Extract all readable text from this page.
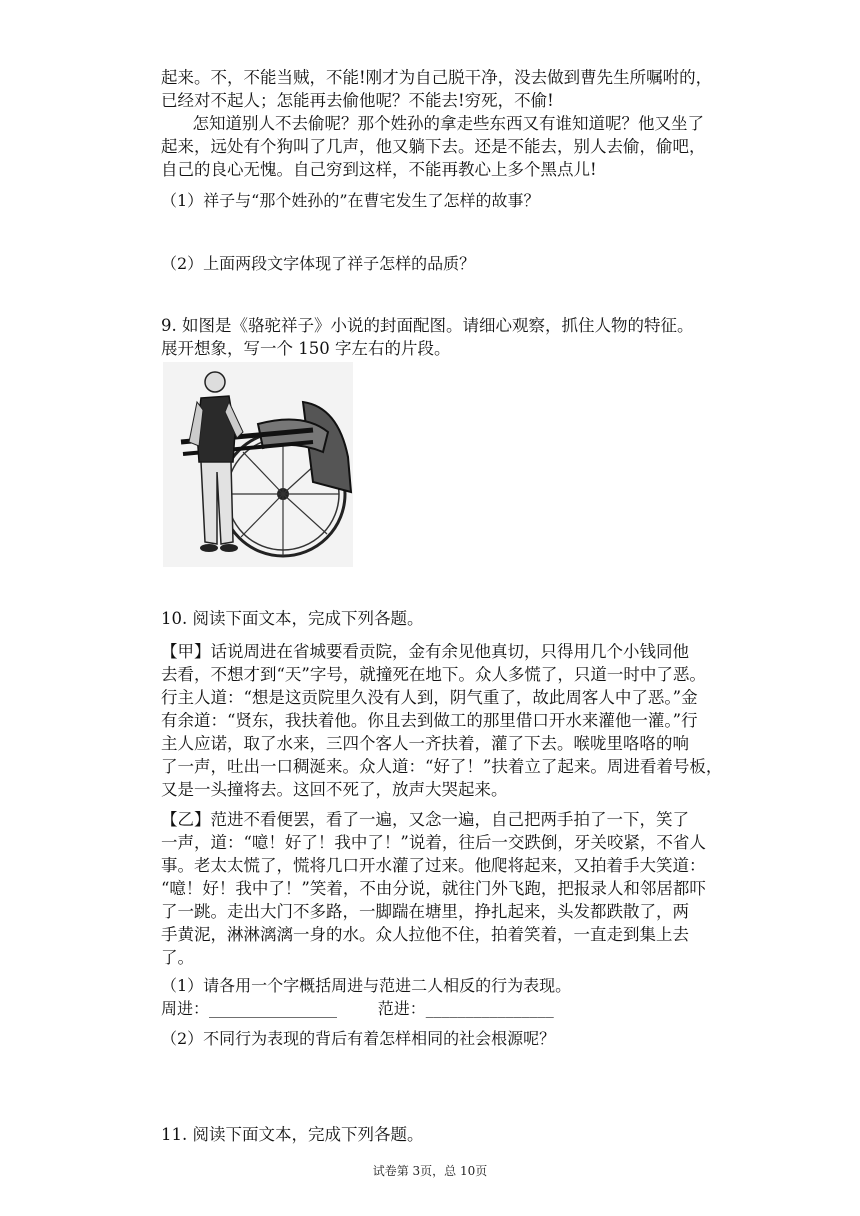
起来。不，不能当贼，不能!刚才为自己脱干净，没去做到曹先生所嘱咐的，
已经对不起人；怎能再去偷他呢？不能去!穷死，不偷!
怎知道别人不去偷呢？那个姓孙的拿走些东西又有谁知道呢？他又坐了
起来，远处有个狗叫了几声，他又躺下去。还是不能去，别人去偷，偷吧，
自己的良心无愧。自己穷到这样，不能再教心上多个黑点儿!
（1）祥子与“那个姓孙的”在曹宅发生了怎样的故事？
（2）上面两段文字体现了祥子怎样的品质？
9. 如图是《骆驼祥子》小说的封面配图。请细心观察，抓住人物的特征。
展开想象，写一个 150 字左右的片段。
10. 阅读下面文本，完成下列各题。
【甲】话说周进在省城要看贡院，金有余见他真切，只得用几个小钱同他
去看，不想才到“天”字号，就撞死在地下。众人多慌了，只道一时中了恶。
行主人道：“想是这贡院里久没有人到，阴气重了，故此周客人中了恶。”金
有余道：“贤东，我扶着他。你且去到做工的那里借口开水来灌他一灌。”行
主人应诺，取了水来，三四个客人一齐扶着，灌了下去。喉咙里咯咯的响
了一声，吐出一口稠涎来。众人道：“好了！”扶着立了起来。周进看着号板，
又是一头撞将去。这回不死了，放声大哭起来。
【乙】范进不看便罢，看了一遍，又念一遍，自己把两手拍了一下，笑了
一声，道：“噫！好了！我中了！”说着，往后一交跌倒，牙关咬紧，不省人
事。老太太慌了，慌将几口开水灌了过来。他爬将起来，又拍着手大笑道：
“噫！好！我中了！”笑着，不由分说，就往门外飞跑，把报录人和邻居都吓
了一跳。走出大门不多路，一脚踹在塘里，挣扎起来，头发都跌散了，两
手黄泥，淋淋漓漓一身的水。众人拉他不住，拍着笑着，一直走到集上去
了。
（1）请各用一个字概括周进与范进二人相反的行为表现。
周进：________________        范进：________________
（2）不同行为表现的背后有着怎样相同的社会根源呢？
11. 阅读下面文本，完成下列各题。
试卷第 3页，总 10页
